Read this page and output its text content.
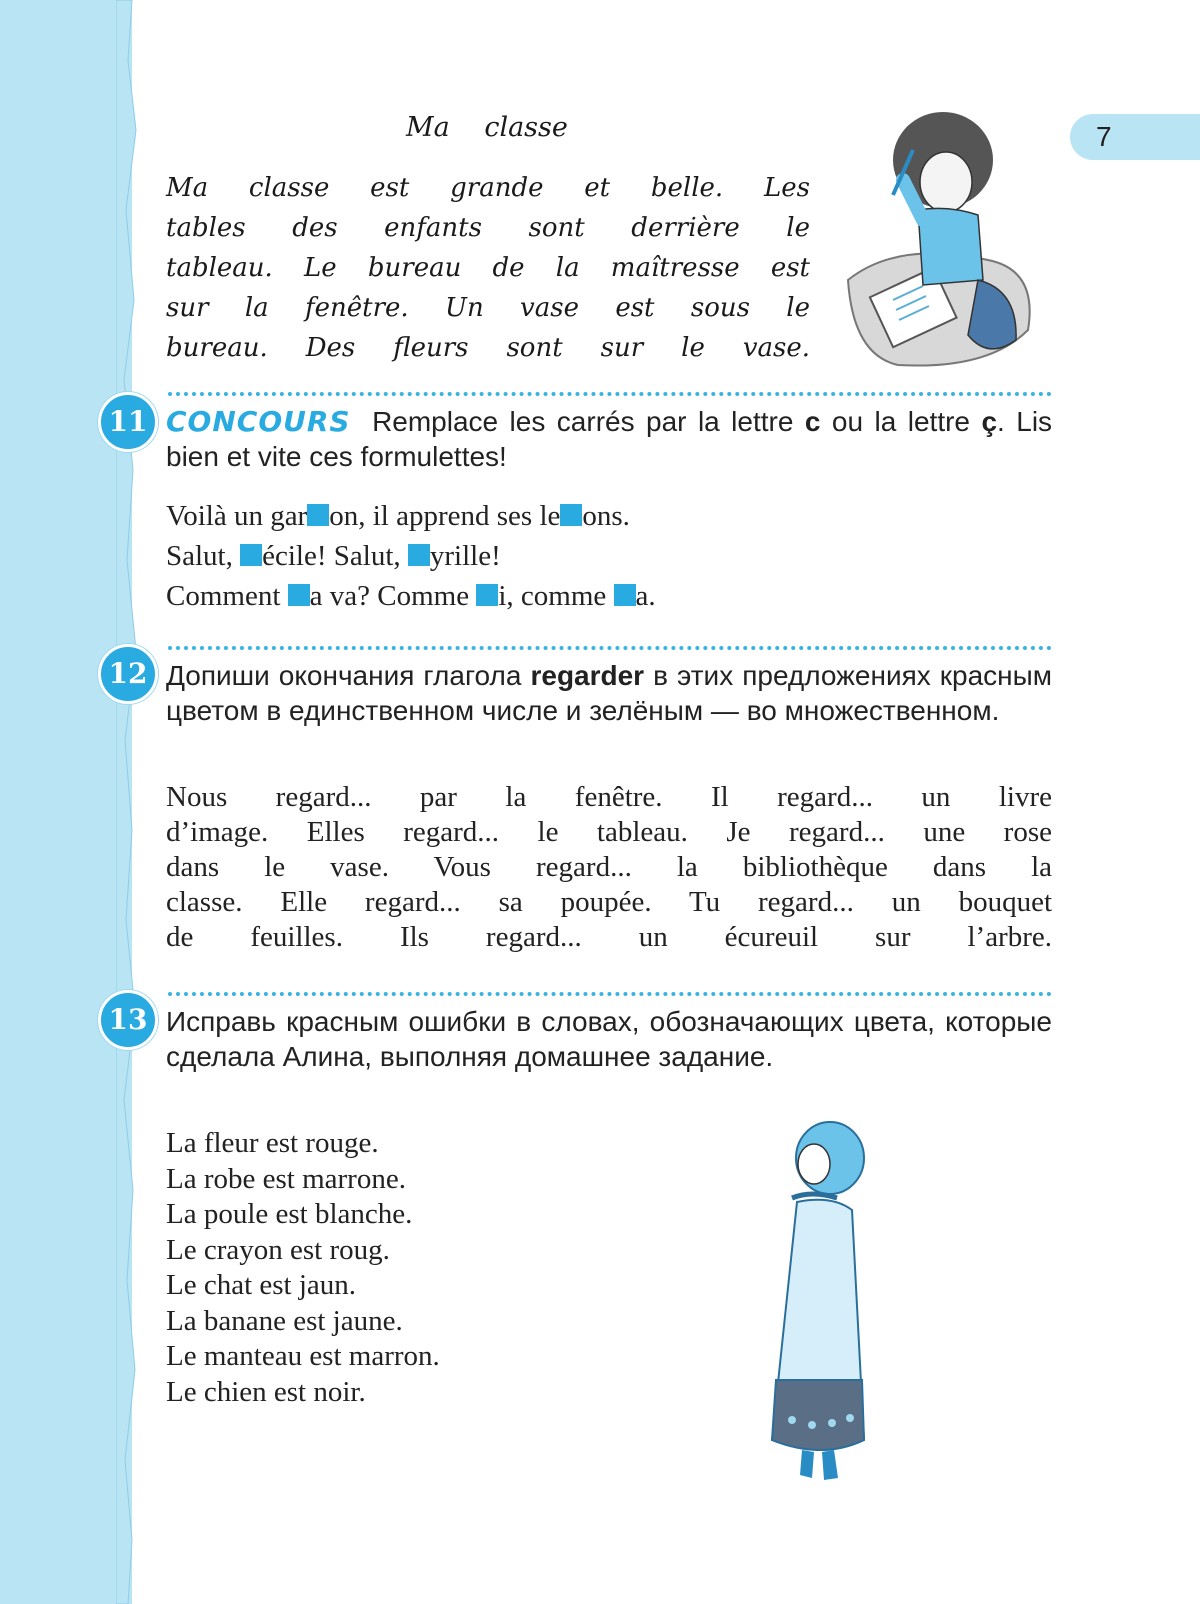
7
Ma classe
Ma classe est grande et belle. Les
tables des enfants sont derrière le
tableau. Le bureau de la maîtresse est
sur la fenêtre. Un vase est sous le
bureau. Des fleurs sont sur le vase.
11 CONCOURS Remplace les carrés par la lettre c ou la lettre ç. Lis bien et vite ces formulettes!
Voilà un gar on, il apprend ses le ons.
Salut, écile! Salut, yrille!
Comment a va? Comme i, comme a.
12 Допиши окончания глагола regarder в этих предложениях красным цветом в единственном числе и зелёным — во множественном.
Nous regard... par la fenêtre. Il regard... un livre
d’image. Elles regard... le tableau. Je regard... une rose
dans le vase. Vous regard... la bibliothèque dans la
classe. Elle regard... sa poupée. Tu regard... un bouquet
de feuilles. Ils regard... un écureuil sur l’arbre.
13 Исправь красным ошибки в словах, обозначающих цвета, которые сделала Алина, выполняя домашнее задание.
La fleur est rouge.
La robe est marrone.
La poule est blanche.
Le crayon est roug.
Le chat est jaun.
La banane est jaune.
Le manteau est marron.
Le chien est noir.
